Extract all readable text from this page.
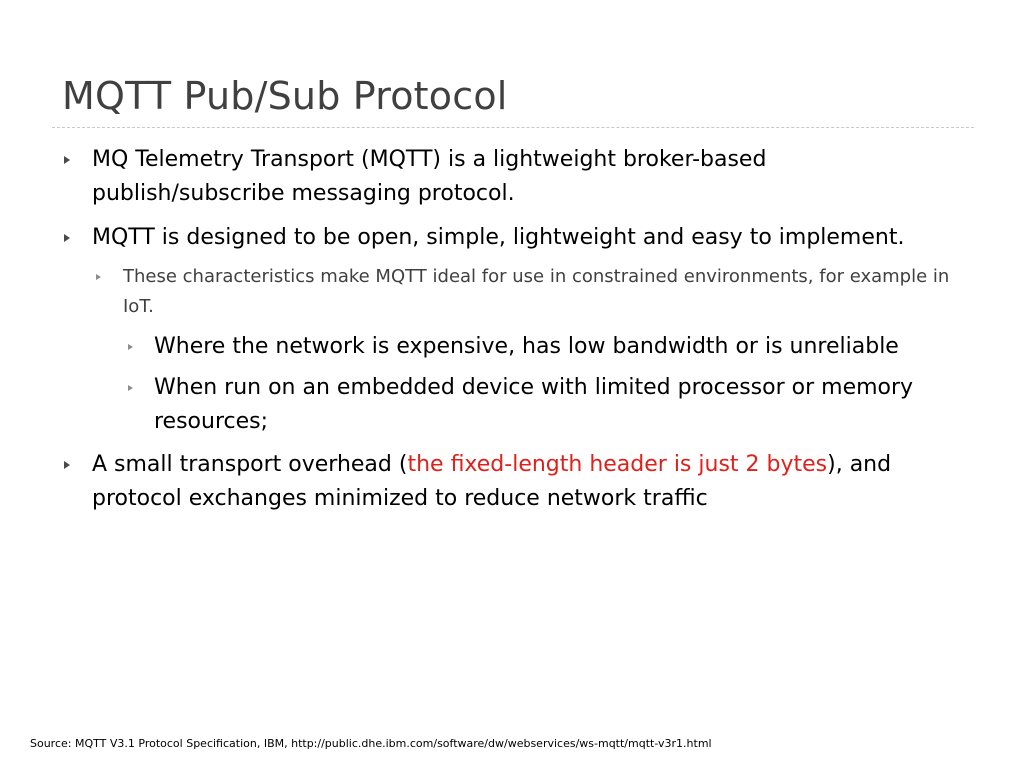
MQTT Pub/Sub Protocol
MQ Telemetry Transport (MQTT) is a lightweight broker-based publish/subscribe messaging protocol.
MQTT is designed to be open, simple, lightweight and easy to implement.
These characteristics make MQTT ideal for use in constrained environments, for example in IoT.
Where the network is expensive, has low bandwidth or is unreliable
When run on an embedded device with limited processor or memory resources;
A small transport overhead (the fixed-length header is just 2 bytes), and protocol exchanges minimized to reduce network traffic
Source: MQTT V3.1 Protocol Specification, IBM, http://public.dhe.ibm.com/software/dw/webservices/ws-mqtt/mqtt-v3r1.html
